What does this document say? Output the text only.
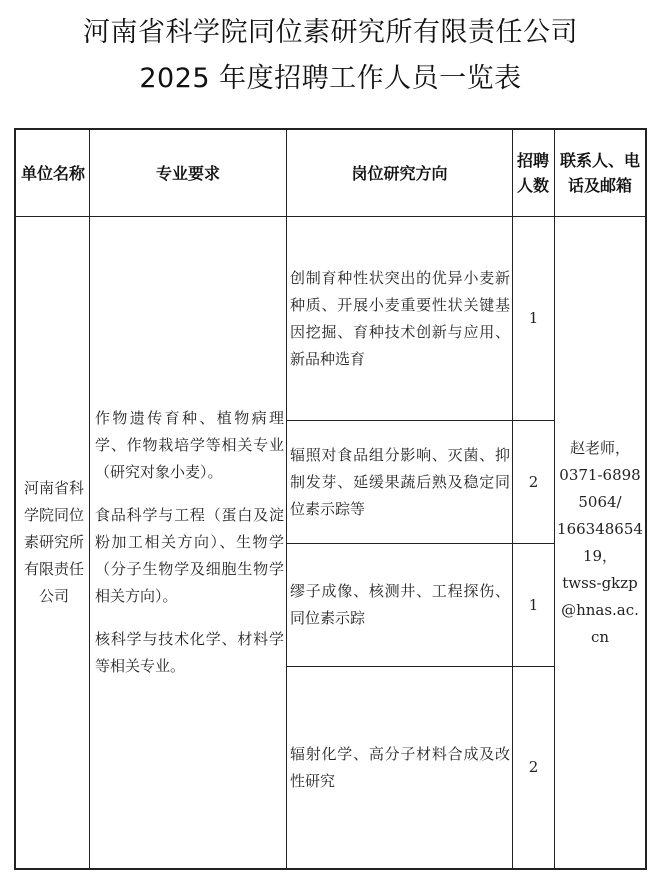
河南省科学院同位素研究所有限责任公司
2025 年度招聘工作人员一览表
单位名称	专业要求	岗位研究方向
招聘人数
联系人、电话及邮箱
河南省科学院同位素研究所有限责任公司
作物遗传育种、植物病理学、作物栽培学等相关专业（研究对象小麦）。
食品科学与工程（蛋白及淀粉加工相关方向）、生物学（分子生物学及细胞生物学相关方向）。
核科学与技术化学、材料学等相关专业。
创制育种性状突出的优异小麦新种质、开展小麦重要性状关键基因挖掘、育种技术创新与应用、新品种选育
1
辐照对食品组分影响、灭菌、抑制发芽、延缓果蔬后熟及稳定同位素示踪等
2
缪子成像、核测井、工程探伤、同位素示踪
1
辐射化学、高分子材料合成及改性研究
2
赵老师，
0371-68985064/
16634865419，
twss-gkzp@hnas.ac.cn
